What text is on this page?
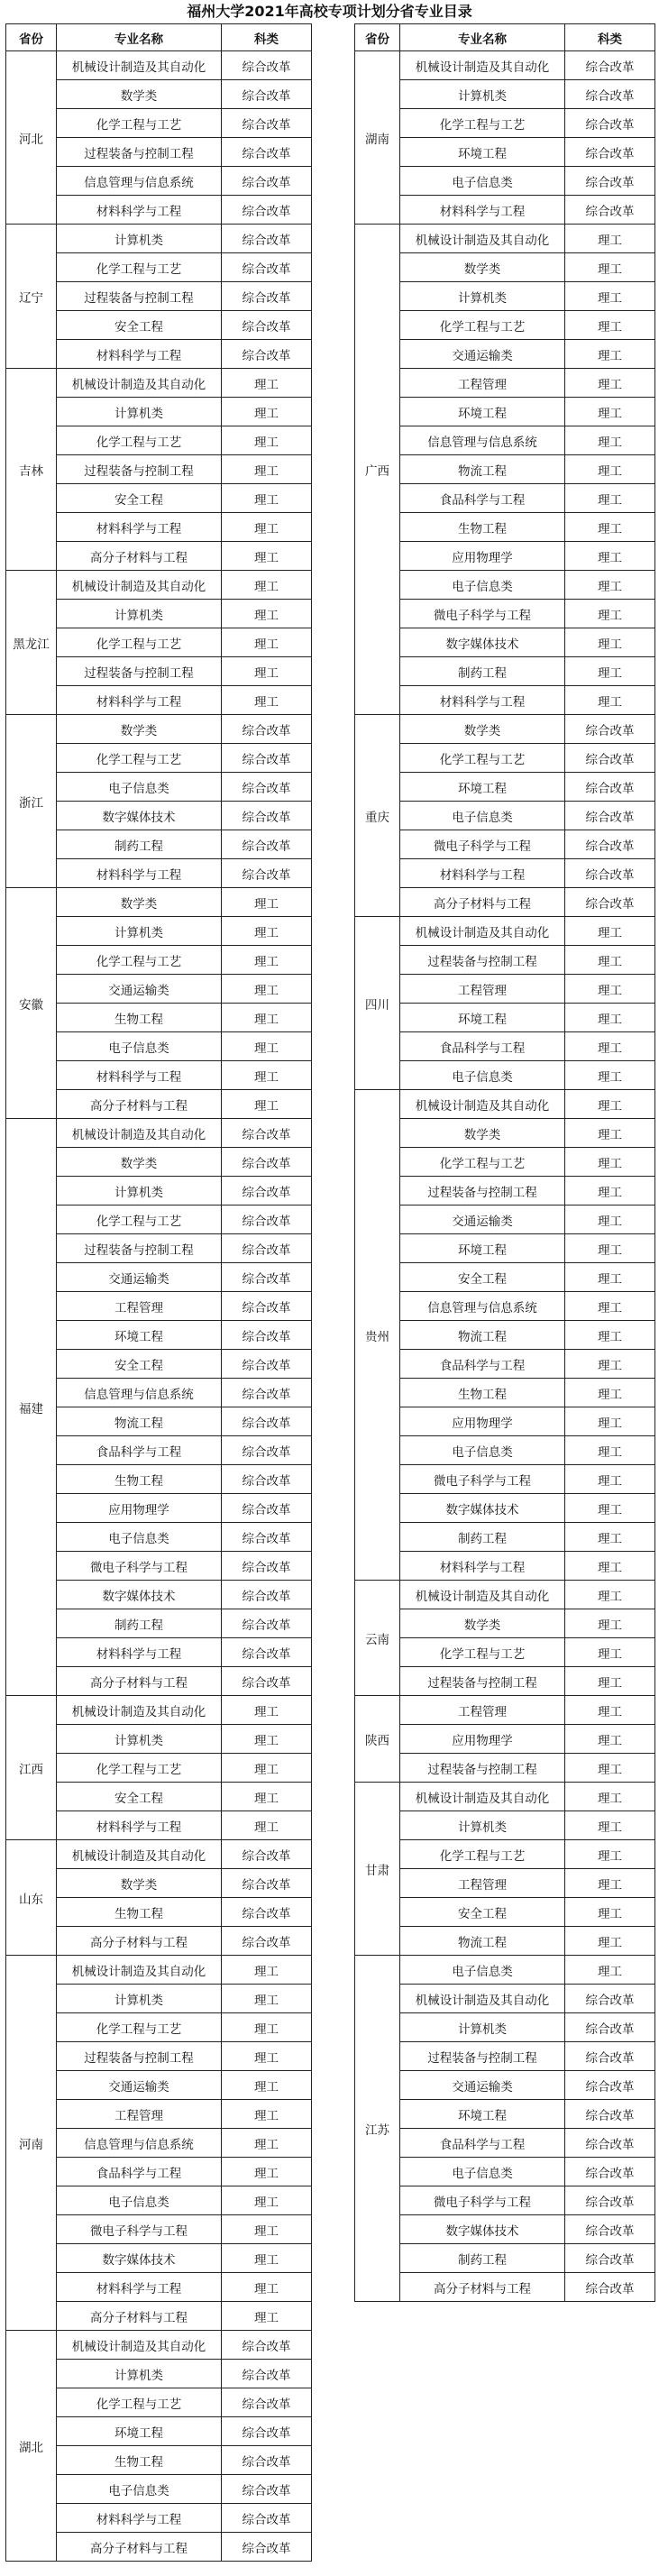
福州大学2021年高校专项计划分省专业目录
省份	专业名称	科类
河北	机械设计制造及其自动化	综合改革
	数学类	综合改革
	化学工程与工艺	综合改革
	过程装备与控制工程	综合改革
	信息管理与信息系统	综合改革
	材料科学与工程	综合改革
辽宁	计算机类	综合改革
	化学工程与工艺	综合改革
	过程装备与控制工程	综合改革
	安全工程	综合改革
	材料科学与工程	综合改革
吉林	机械设计制造及其自动化	理工
	计算机类	理工
	化学工程与工艺	理工
	过程装备与控制工程	理工
	安全工程	理工
	材料科学与工程	理工
	高分子材料与工程	理工
黑龙江	机械设计制造及其自动化	理工
	计算机类	理工
	化学工程与工艺	理工
	过程装备与控制工程	理工
	材料科学与工程	理工
浙江	数学类	综合改革
	化学工程与工艺	综合改革
	电子信息类	综合改革
	数字媒体技术	综合改革
	制药工程	综合改革
	材料科学与工程	综合改革
安徽	数学类	理工
	计算机类	理工
	化学工程与工艺	理工
	交通运输类	理工
	生物工程	理工
	电子信息类	理工
	材料科学与工程	理工
	高分子材料与工程	理工
福建	机械设计制造及其自动化	综合改革
	数学类	综合改革
	计算机类	综合改革
	化学工程与工艺	综合改革
	过程装备与控制工程	综合改革
	交通运输类	综合改革
	工程管理	综合改革
	环境工程	综合改革
	安全工程	综合改革
	信息管理与信息系统	综合改革
	物流工程	综合改革
	食品科学与工程	综合改革
	生物工程	综合改革
	应用物理学	综合改革
	电子信息类	综合改革
	微电子科学与工程	综合改革
	数字媒体技术	综合改革
	制药工程	综合改革
	材料科学与工程	综合改革
	高分子材料与工程	综合改革
江西	机械设计制造及其自动化	理工
	计算机类	理工
	化学工程与工艺	理工
	安全工程	理工
	材料科学与工程	理工
山东	机械设计制造及其自动化	综合改革
	数学类	综合改革
	生物工程	综合改革
	高分子材料与工程	综合改革
河南	机械设计制造及其自动化	理工
	计算机类	理工
	化学工程与工艺	理工
	过程装备与控制工程	理工
	交通运输类	理工
	工程管理	理工
	信息管理与信息系统	理工
	食品科学与工程	理工
	电子信息类	理工
	微电子科学与工程	理工
	数字媒体技术	理工
	材料科学与工程	理工
	高分子材料与工程	理工
湖北	机械设计制造及其自动化	综合改革
	计算机类	综合改革
	化学工程与工艺	综合改革
	环境工程	综合改革
	生物工程	综合改革
	电子信息类	综合改革
	材料科学与工程	综合改革
	高分子材料与工程	综合改革
省份	专业名称	科类
湖南	机械设计制造及其自动化	综合改革
	计算机类	综合改革
	化学工程与工艺	综合改革
	环境工程	综合改革
	电子信息类	综合改革
	材料科学与工程	综合改革
广西	机械设计制造及其自动化	理工
	数学类	理工
	计算机类	理工
	化学工程与工艺	理工
	交通运输类	理工
	工程管理	理工
	环境工程	理工
	信息管理与信息系统	理工
	物流工程	理工
	食品科学与工程	理工
	生物工程	理工
	应用物理学	理工
	电子信息类	理工
	微电子科学与工程	理工
	数字媒体技术	理工
	制药工程	理工
	材料科学与工程	理工
重庆	数学类	综合改革
	化学工程与工艺	综合改革
	环境工程	综合改革
	电子信息类	综合改革
	微电子科学与工程	综合改革
	材料科学与工程	综合改革
	高分子材料与工程	综合改革
四川	机械设计制造及其自动化	理工
	过程装备与控制工程	理工
	工程管理	理工
	环境工程	理工
	食品科学与工程	理工
	电子信息类	理工
贵州	机械设计制造及其自动化	理工
	数学类	理工
	化学工程与工艺	理工
	过程装备与控制工程	理工
	交通运输类	理工
	环境工程	理工
	安全工程	理工
	信息管理与信息系统	理工
	物流工程	理工
	食品科学与工程	理工
	生物工程	理工
	应用物理学	理工
	电子信息类	理工
	微电子科学与工程	理工
	数字媒体技术	理工
	制药工程	理工
	材料科学与工程	理工
云南	机械设计制造及其自动化	理工
	数学类	理工
	化学工程与工艺	理工
	过程装备与控制工程	理工
陕西	工程管理	理工
	应用物理学	理工
	过程装备与控制工程	理工
甘肃	机械设计制造及其自动化	理工
	计算机类	理工
	化学工程与工艺	理工
	工程管理	理工
	安全工程	理工
	物流工程	理工
江苏	电子信息类	理工
	机械设计制造及其自动化	综合改革
	计算机类	综合改革
	过程装备与控制工程	综合改革
	交通运输类	综合改革
	环境工程	综合改革
	食品科学与工程	综合改革
	电子信息类	综合改革
	微电子科学与工程	综合改革
	数字媒体技术	综合改革
	制药工程	综合改革
	高分子材料与工程	综合改革
